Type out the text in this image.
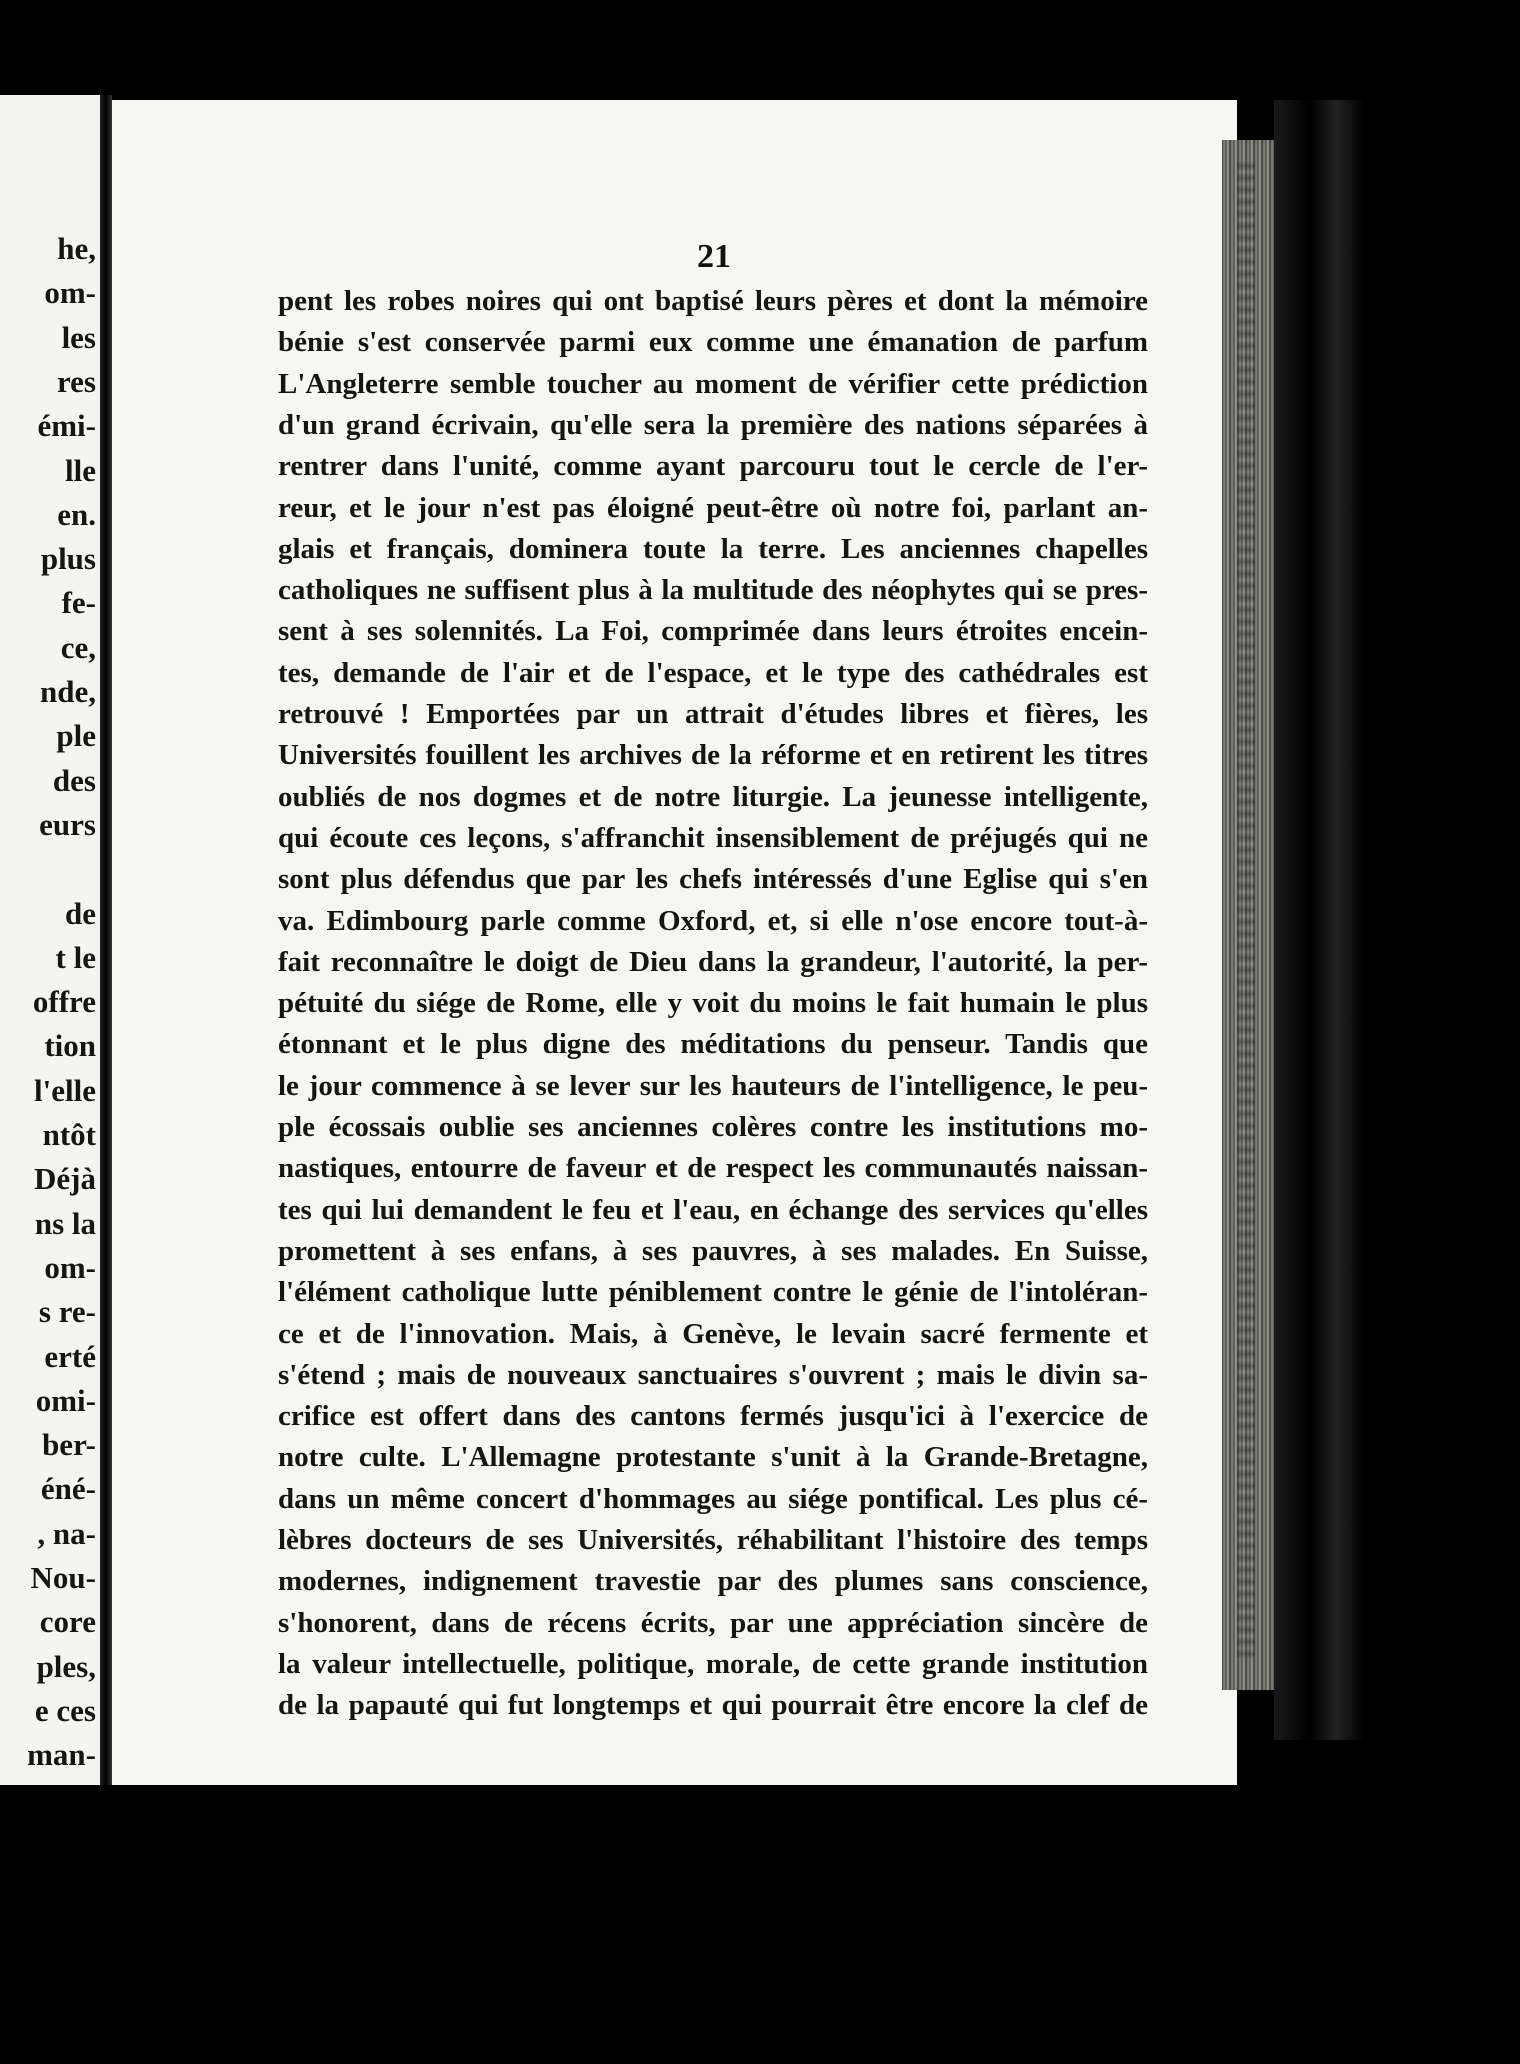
he,
om-
les
res
émi-
lle
en.
plus
fe-
ce,
nde,
ple
des
eurs
de
t le
offre
tion
l'elle
ntôt
Déjà
ns la
om-
s re-
erté
omi-
ber-
éné-
, na-
Nou-
core
ples,
e ces
man-
21
pent les robes noires qui ont baptisé leurs pères et dont la mémoire
bénie s'est conservée parmi eux comme une émanation de parfum
L'Angleterre semble toucher au moment de vérifier cette prédiction
d'un grand écrivain, qu'elle sera la première des nations séparées à
rentrer dans l'unité, comme ayant parcouru tout le cercle de l'er-
reur, et le jour n'est pas éloigné peut-être où notre foi, parlant an-
glais et français, dominera toute la terre. Les anciennes chapelles
catholiques ne suffisent plus à la multitude des néophytes qui se pres-
sent à ses solennités. La Foi, comprimée dans leurs étroites encein-
tes, demande de l'air et de l'espace, et le type des cathédrales est
retrouvé ! Emportées par un attrait d'études libres et fières, les
Universités fouillent les archives de la réforme et en retirent les titres
oubliés de nos dogmes et de notre liturgie. La jeunesse intelligente,
qui écoute ces leçons, s'affranchit insensiblement de préjugés qui ne
sont plus défendus que par les chefs intéressés d'une Eglise qui s'en
va. Edimbourg parle comme Oxford, et, si elle n'ose encore tout-à-
fait reconnaître le doigt de Dieu dans la grandeur, l'autorité, la per-
pétuité du siége de Rome, elle y voit du moins le fait humain le plus
étonnant et le plus digne des méditations du penseur. Tandis que
le jour commence à se lever sur les hauteurs de l'intelligence, le peu-
ple écossais oublie ses anciennes colères contre les institutions mo-
nastiques, entourre de faveur et de respect les communautés naissan-
tes qui lui demandent le feu et l'eau, en échange des services qu'elles
promettent à ses enfans, à ses pauvres, à ses malades. En Suisse,
l'élément catholique lutte péniblement contre le génie de l'intoléran-
ce et de l'innovation. Mais, à Genève, le levain sacré fermente et
s'étend ; mais de nouveaux sanctuaires s'ouvrent ; mais le divin sa-
crifice est offert dans des cantons fermés jusqu'ici à l'exercice de
notre culte. L'Allemagne protestante s'unit à la Grande-Bretagne,
dans un même concert d'hommages au siége pontifical. Les plus cé-
lèbres docteurs de ses Universités, réhabilitant l'histoire des temps
modernes, indignement travestie par des plumes sans conscience,
s'honorent, dans de récens écrits, par une appréciation sincère de
la valeur intellectuelle, politique, morale, de cette grande institution
de la papauté qui fut longtemps et qui pourrait être encore la clef de
